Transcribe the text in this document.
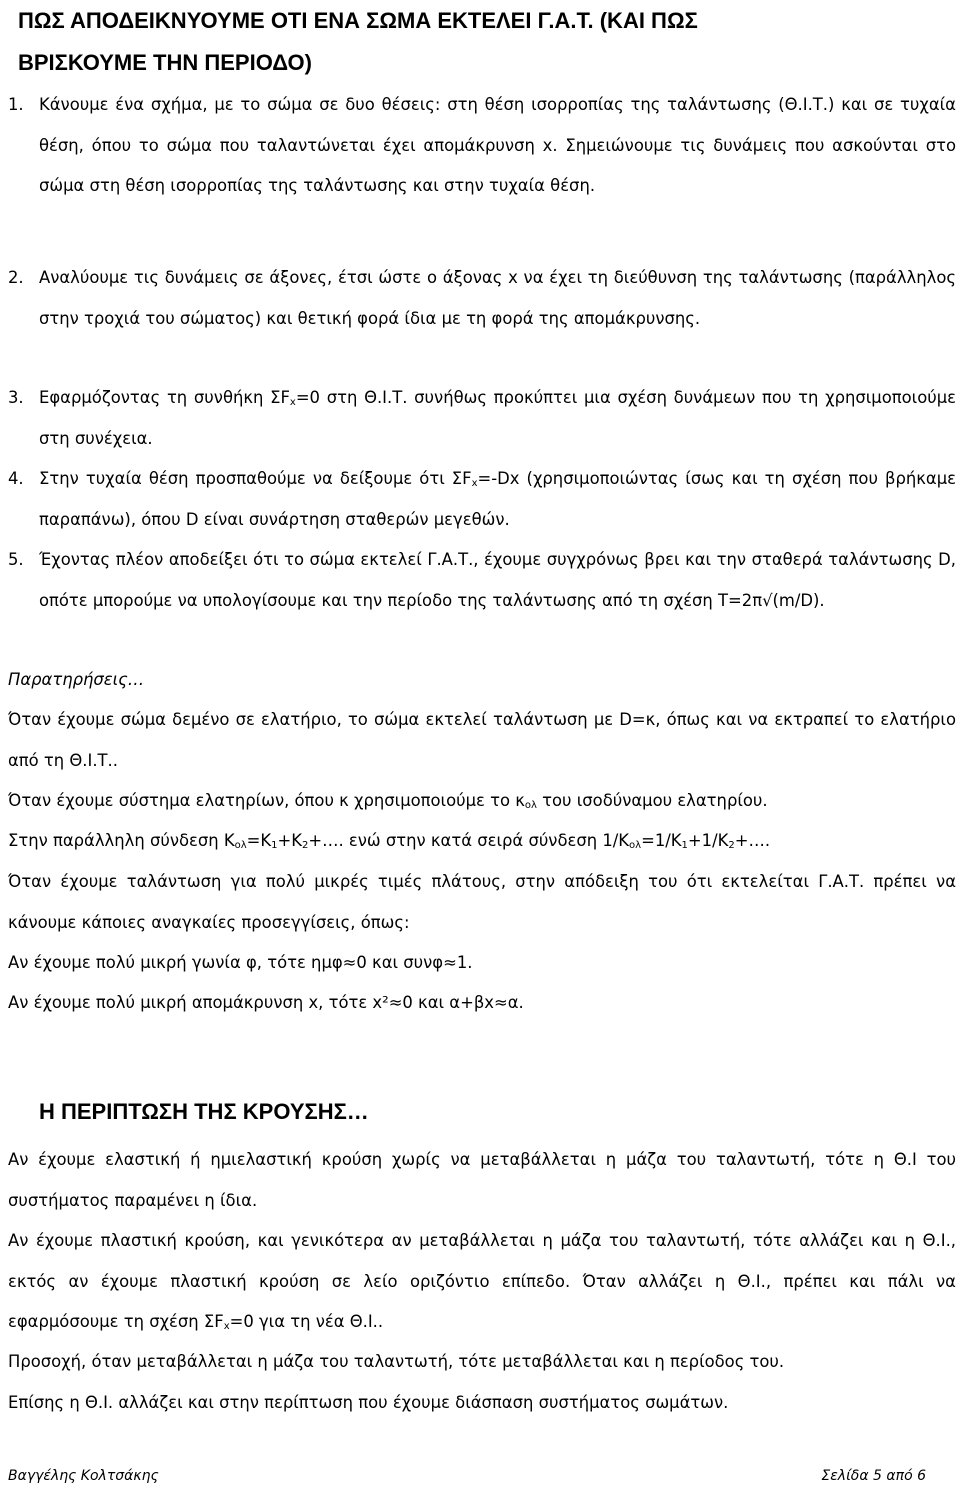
ΠΩΣ ΑΠΟΔΕΙΚΝΥΟΥΜΕ ΟΤΙ ΕΝΑ ΣΩΜΑ ΕΚΤΕΛΕΙ Γ.Α.Τ. (ΚΑΙ ΠΩΣ
ΒΡΙΣΚΟΥΜΕ ΤΗΝ ΠΕΡΙΟΔΟ)
1. Κάνουμε ένα σχήμα, με το σώμα σε δυο θέσεις: στη θέση ισορροπίας της ταλάντωσης (Θ.Ι.Τ.) και σε τυχαία θέση, όπου το σώμα που ταλαντώνεται έχει απομάκρυνση x. Σημειώνουμε τις δυνάμεις που ασκούνται στο σώμα στη θέση ισορροπίας της ταλάντωσης και στην τυχαία θέση.
2. Αναλύουμε τις δυνάμεις σε άξονες, έτσι ώστε ο άξονας x να έχει τη διεύθυνση της ταλάντωσης (παράλληλος στην τροχιά του σώματος) και θετική φορά ίδια με τη φορά της απομάκρυνσης.
3. Εφαρμόζοντας τη συνθήκη $\Sigma F_x=0$ στη Θ.Ι.Τ. συνήθως προκύπτει μια σχέση δυνάμεων που τη χρησιμοποιούμε στη συνέχεια.
4. Στην τυχαία θέση προσπαθούμε να δείξουμε ότι $\Sigma F_x=-Dx$ (χρησιμοποιώντας ίσως και τη σχέση που βρήκαμε παραπάνω), όπου D είναι συνάρτηση σταθερών μεγεθών.
5. Έχοντας πλέον αποδείξει ότι το σώμα εκτελεί Γ.Α.Τ., έχουμε συγχρόνως βρει και την σταθερά ταλάντωσης D, οπότε μπορούμε να υπολογίσουμε και την περίοδο της ταλάντωσης από τη σχέση Τ=2π√(m/D).
Παρατηρήσεις…
Όταν έχουμε σώμα δεμένο σε ελατήριο, το σώμα εκτελεί ταλάντωση με D=κ, όπως και να εκτραπεί το ελατήριο από τη Θ.Ι.Τ..
Όταν έχουμε σύστημα ελατηρίων, όπου κ χρησιμοποιούμε το $\kappa_{o\lambda}$ του ισοδύναμου ελατηρίου.
Στην παράλληλη σύνδεση $K_{o\lambda}=K_1+K_2+\dots$. ενώ στην κατά σειρά σύνδεση $1/K_{o\lambda}=1/K_1+1/K_2+\dots$.
Όταν έχουμε ταλάντωση για πολύ μικρές τιμές πλάτους, στην απόδειξη του ότι εκτελείται Γ.Α.Τ. πρέπει να κάνουμε κάποιες αναγκαίες προσεγγίσεις, όπως:
Αν έχουμε πολύ μικρή γωνία φ, τότε ημφ≈0 και συνφ≈1.
Αν έχουμε πολύ μικρή απομάκρυνση x, τότε x²≈0 και α+βx≈α.
Η ΠΕΡΙΠΤΩΣΗ ΤΗΣ ΚΡΟΥΣΗΣ…
Αν έχουμε ελαστική ή ημιελαστική κρούση χωρίς να μεταβάλλεται η μάζα του ταλαντωτή, τότε η Θ.Ι του συστήματος παραμένει η ίδια.
Αν έχουμε πλαστική κρούση, και γενικότερα αν μεταβάλλεται η μάζα του ταλαντωτή, τότε αλλάζει και η Θ.Ι., εκτός αν έχουμε πλαστική κρούση σε λείο οριζόντιο επίπεδο. Όταν αλλάζει η Θ.Ι., πρέπει και πάλι να εφαρμόσουμε τη σχέση $\Sigma F_x=0$ για τη νέα Θ.Ι..
Προσοχή, όταν μεταβάλλεται η μάζα του ταλαντωτή, τότε μεταβάλλεται και η περίοδος του.
Επίσης η Θ.Ι. αλλάζει και στην περίπτωση που έχουμε διάσπαση συστήματος σωμάτων.
Βαγγέλης Κολτσάκης	Σελίδα 5 από 6
